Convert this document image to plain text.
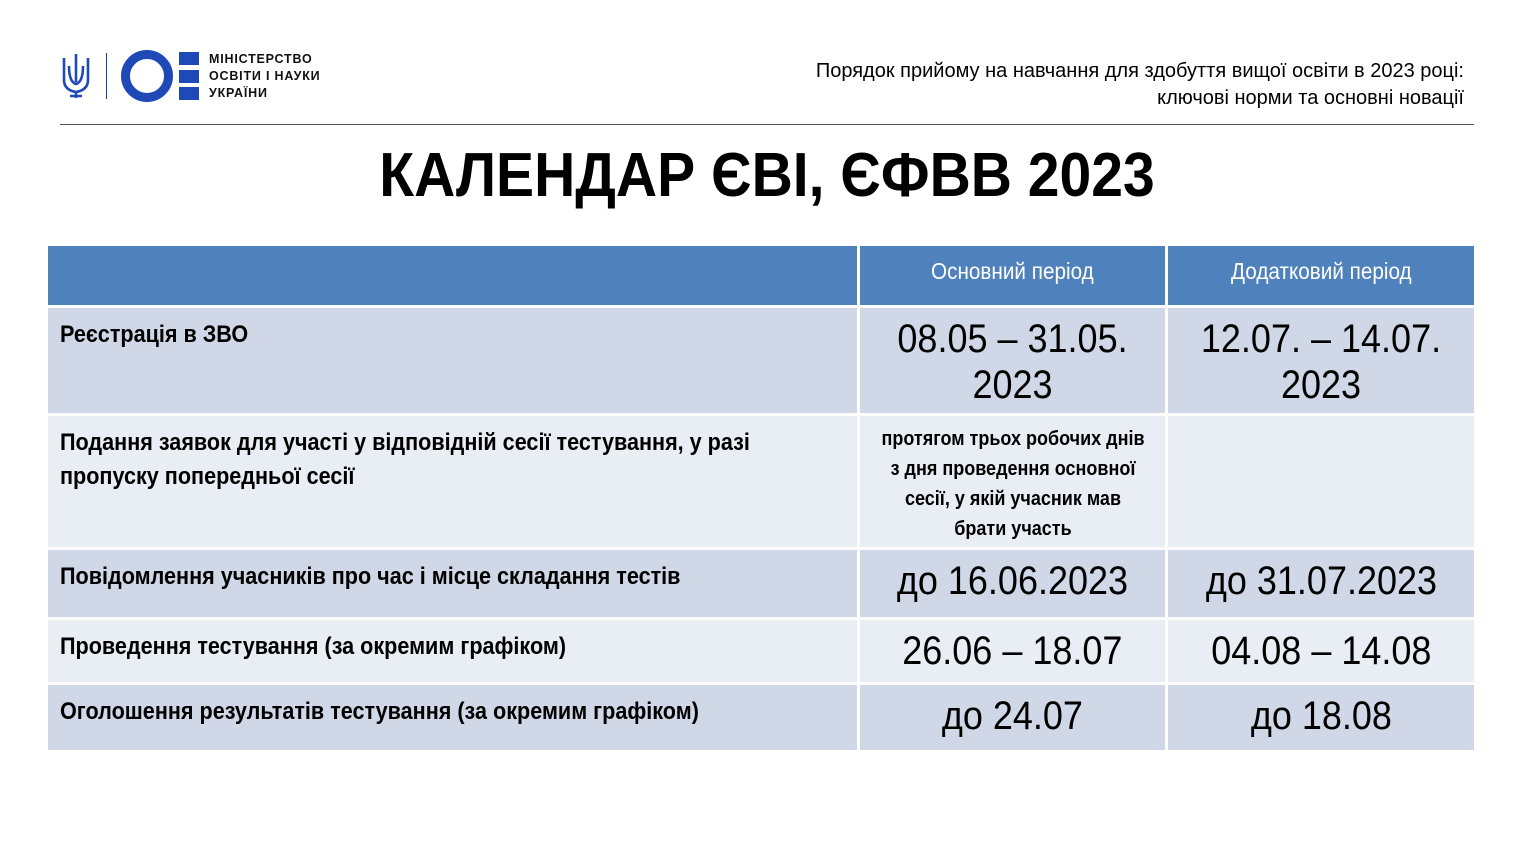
МІНІСТЕРСТВО
ОСВІТИ І НАУКИ
УКРАЇНИ
Порядок прийому на навчання для здобуття вищої освіти в 2023 році:
ключові норми та основні новації
КАЛЕНДАР ЄВІ, ЄФВВ 2023
	Основний період	Додатковий період
Реєстрація в ЗВО	08.05 – 31.05. 2023	12.07. – 14.07. 2023
Подання заявок для участі у відповідній сесії тестування, у разі пропуску попередньої сесії	протягом трьох робочих днів з дня проведення основної сесії, у якій учасник мав брати участь	
Повідомлення учасників про час і місце складання тестів	до 16.06.2023	до 31.07.2023
Проведення тестування (за окремим графіком)	26.06 – 18.07	04.08 – 14.08
Оголошення результатів тестування (за окремим графіком)	до 24.07	до 18.08
